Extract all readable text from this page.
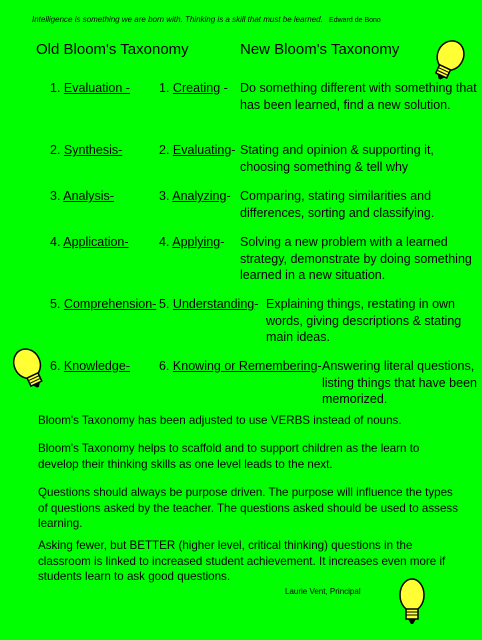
Intelligence is something we are born with. Thinking is a skill that must be learned. Edward de Bono
Old Bloom's Taxonomy	New Bloom's Taxonomy
1. Evaluation - 1. Creating - Do something different with something that has been learned, find a new solution.
2. Synthesis-	2. Evaluating- Stating and opinion & supporting it, choosing something & tell why
3. Analysis-	3. Analyzing- Comparing, stating similarities and differences, sorting and classifying.
4. Application- 4. Applying- Solving a new problem with a learned strategy, demonstrate by doing something learned in a new situation.
5. Comprehension- 5. Understanding- Explaining things, restating in own words, giving descriptions & stating main ideas.
6. Knowledge- 6. Knowing or Remembering- Answering literal questions, listing things that have been memorized.
Bloom's Taxonomy has been adjusted to use VERBS instead of nouns.
Bloom's Taxonomy helps to scaffold and to support children as the learn to develop their thinking skills as one level leads to the next.
Questions should always be purpose driven. The purpose will influence the types of questions asked by the teacher. The questions asked should be used to assess learning.
Asking fewer, but BETTER (higher level, critical thinking) questions in the classroom is linked to increased student achievement. It increases even more if students learn to ask good questions.
Laurie Vent, Principal
